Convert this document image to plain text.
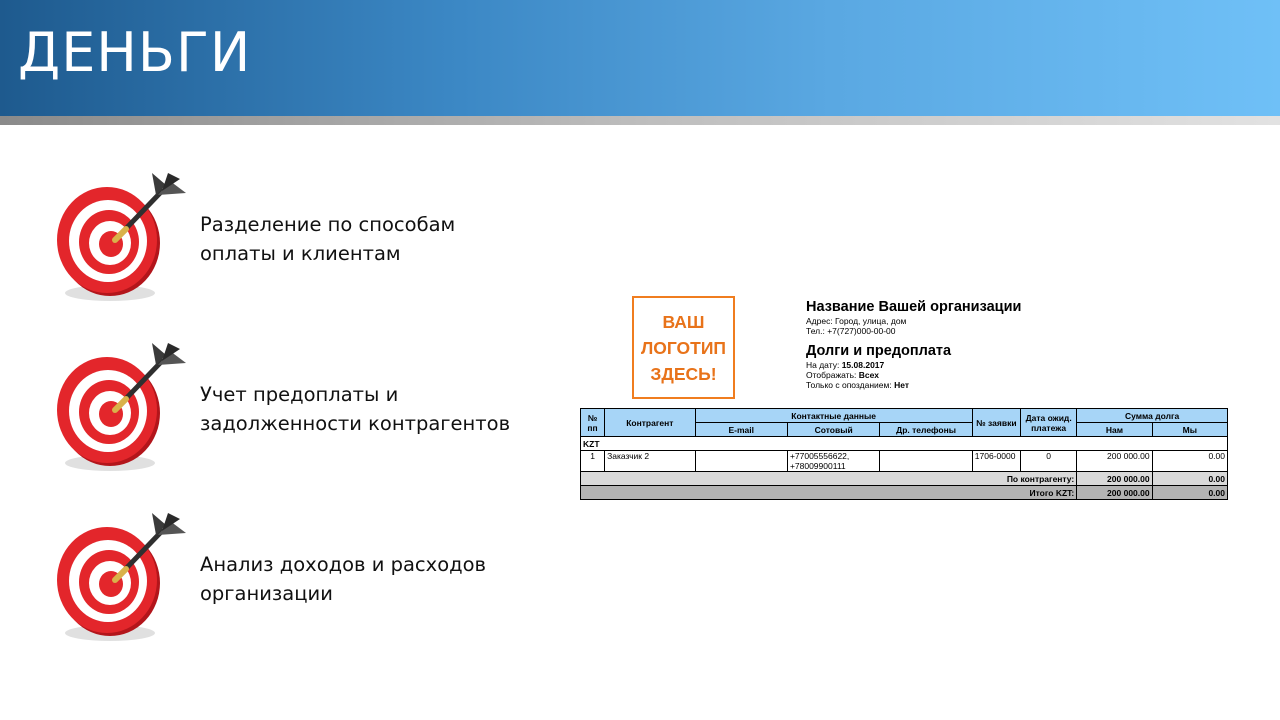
ДЕНЬГИ
Разделение по способам
оплаты и клиентам
Учет предоплаты и
задолженности контрагентов
Анализ доходов и расходов
организации
ВАШ
ЛОГОТИП
ЗДЕСЬ!
Название Вашей организации
Адрес: Город, улица, дом
Тел.: +7(727)000-00-00
Долги и предоплата
На дату: 15.08.2017
Отображать: Всех
Только с опозданием: Нет
№ пп	Контрагент	Контактные данные			№ заявки	Дата ожид. платежа	Сумма долга	
		E-mail	Сотовый	Др. телефоны			Нам	Мы
KZT								
1	Заказчик 2		+77005556622,
+78009900111		1706-0000	0	200 000.00	0.00
По контрагенту:							200 000.00	0.00
Итого KZT:							200 000.00	0.00
